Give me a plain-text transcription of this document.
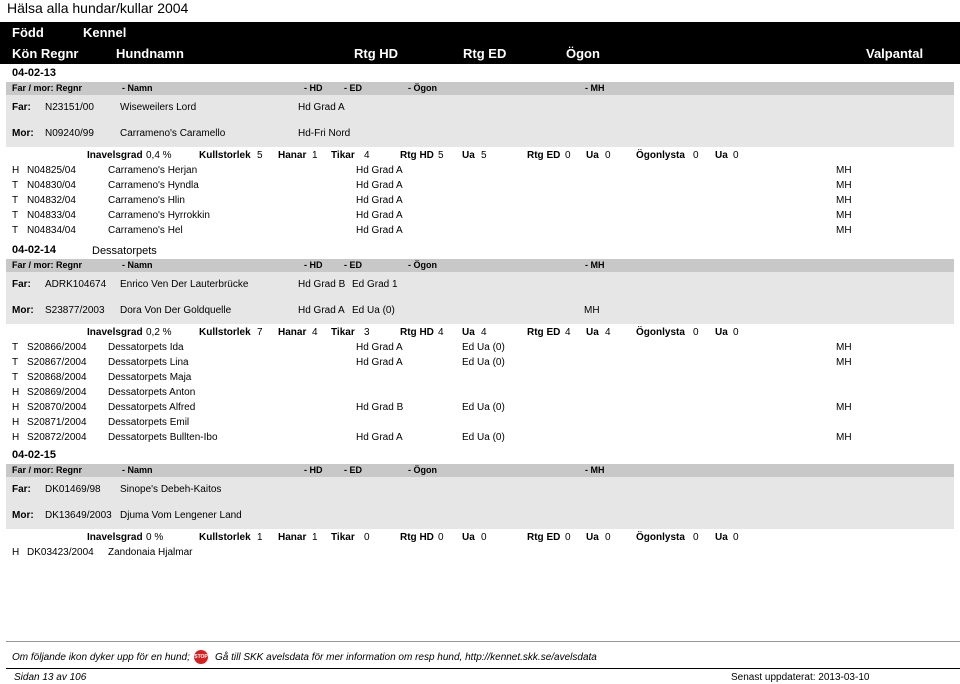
Hälsa alla hundar/kullar 2004
Född	Kennel
Kön Regnr	Hundnamn	Rtg HD	Rtg ED	Ögon	Valpantal
04-02-13
Far / mor: Regnr	- Namn	- HD - ED	- Ögon	- MH
Far: N23151/00	Wiseweilers Lord	Hd Grad A
Mor: N09240/99	Carrameno's Caramello	Hd-Fri Nord
Inavelsgrad 0,4 %	Kullstorlek 5 Hanar 1 Tikar 4	Rtg HD 5 Ua 5	Rtg ED 0 Ua 0	Ögonlysta 0 Ua 0
H N04825/04	Carrameno's Herjan	Hd Grad A	MH
T N04830/04	Carrameno's Hyndla	Hd Grad A	MH
T N04832/04	Carrameno's Hlin	Hd Grad A	MH
T N04833/04	Carrameno's Hyrrokkin	Hd Grad A	MH
T N04834/04	Carrameno's Hel	Hd Grad A	MH
04-02-14	Dessatorpets
Far / mor: Regnr	- Namn	- HD - ED	- Ögon	- MH
Far: ADRK104674 Enrico Ven Der Lauterbrücke	Hd Grad B Ed Grad 1
Mor: S23877/2003 Dora Von Der Goldquelle	Hd Grad A Ed Ua (0)	MH
Inavelsgrad 0,2 %	Kullstorlek 7 Hanar 4 Tikar 3	Rtg HD 4 Ua 4	Rtg ED 4 Ua 4	Ögonlysta 0 Ua 0
T S20866/2004 Dessatorpets Ida	Hd Grad A	Ed Ua (0)	MH
T S20867/2004 Dessatorpets Lina	Hd Grad A	Ed Ua (0)	MH
T S20868/2004 Dessatorpets Maja
H S20869/2004 Dessatorpets Anton
H S20870/2004 Dessatorpets Alfred	Hd Grad B	Ed Ua (0)	MH
H S20871/2004 Dessatorpets Emil
H S20872/2004 Dessatorpets Bullten-Ibo	Hd Grad A	Ed Ua (0)	MH
04-02-15
Far / mor: Regnr	- Namn	- HD - ED	- Ögon	- MH
Far: DK01469/98 Sinope's Debeh-Kaitos
Mor: DK13649/2003 Djuma Vom Lengener Land
Inavelsgrad 0 %	Kullstorlek 1 Hanar 1 Tikar 0	Rtg HD 0 Ua 0	Rtg ED 0 Ua 0	Ögonlysta 0 Ua 0
H DK03423/2004 Zandonaia Hjalmar
Om följande ikon dyker upp för en hund; STOP Gå till SKK avelsdata för mer information om resp hund, http://kennet.skk.se/avelsdata
Sidan 13 av 106	Senast uppdaterat: 2013-03-10
